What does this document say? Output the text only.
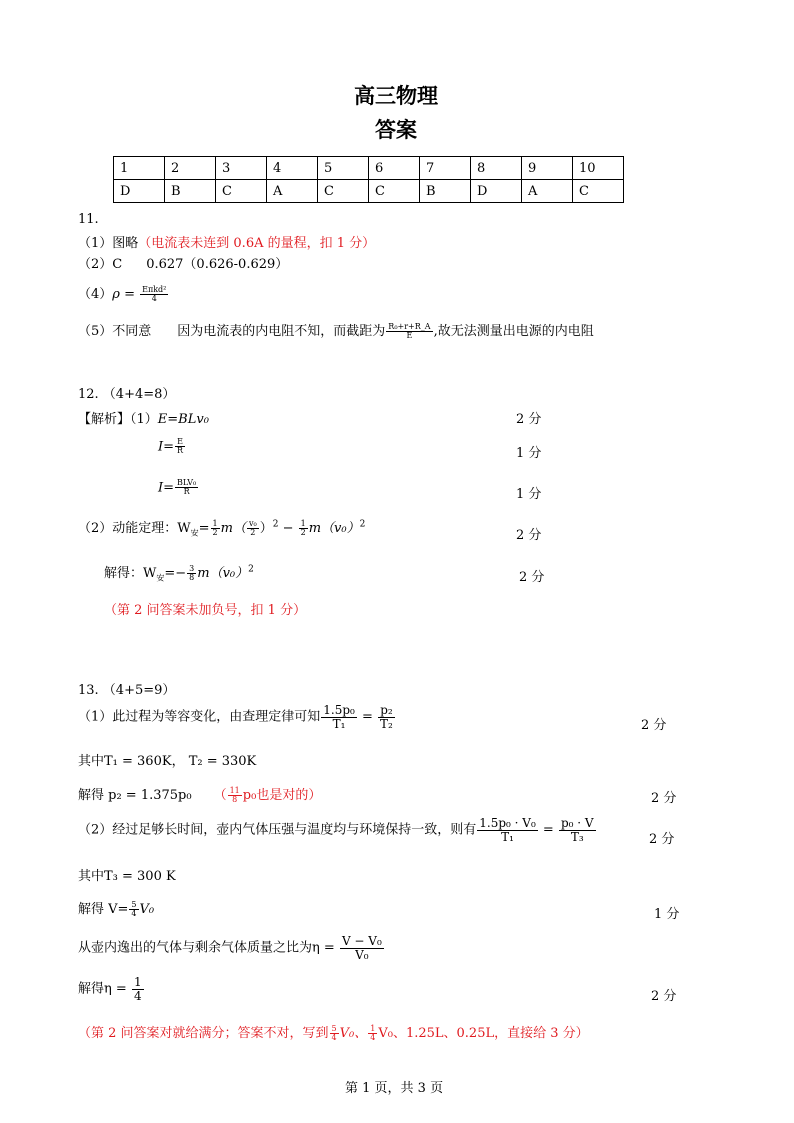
高三物理
答案
1	2	3	4	5	6	7	8	9	10
D	B	C	A	C	C	B	D	A	C
11.
（1）图略（电流表未连到 0.6A 的量程，扣 1 分）
（2）C 0.627（0.626-0.629）
$(4)\rho = \frac{\text{Eπkd²}}{4}$
（5）不同意 因为电流表的内电阻不知，而截距为 $\frac{\text{R₀+r+R\_A}}{E}$ ,故无法测量出电源的内电阻
12. （4+4=8）
【解析】（1）E=BLv₀	2 分
$I= \frac{E}{R}$	1 分
$I= \frac{\text{BLV₀}}{R}$	1 分
（2）动能定理：$W_安= \frac{1}{2} m( \frac{\text{v₀}}{2} )^2 - \frac{1}{2} m(v_0)^2$
2 分
解得：$W_安=- \frac{3}{8} m(v_0)^2$
2 分
（第 2 问答案未加负号，扣 1 分）
13. （4+5=9）
（1）此过程为等容变化，由查理定律可知 $\frac{\text{1.5p₀}}{\text{T₁}} = \frac{\text{p₂}}{\text{T₂}}$	2 分
其中T₁ = 360K， T₂ = 330K
解得 p₂ = 1.375p₀ （ $\frac{11}{8} p_0$也是对的）	2 分
（2）经过足够长时间，壶内气体压强与温度均与环境保持一致，则有 $\frac{\text{1.5p₀ · V₀}}{\text{T₁}} = \frac{\text{p₀ · V}}{\text{T₃}}$	2 分
其中T₃ = 300 K
解得 $V= \frac{5}{4} V_0$	1 分
从壶内逸出的气体与剩余气体质量之比为$\eta = \frac{\text{V − V₀}}{\text{V₀}}$
解得$\eta = \frac{1}{4}$	2 分
（第 2 问答案对就给满分；答案不对，写到 $\frac{5}{4} V_0$、 $\frac{1}{4} V_0$、1.25L、0.25L，直接给 3 分）
第 1 页，共 3 页
